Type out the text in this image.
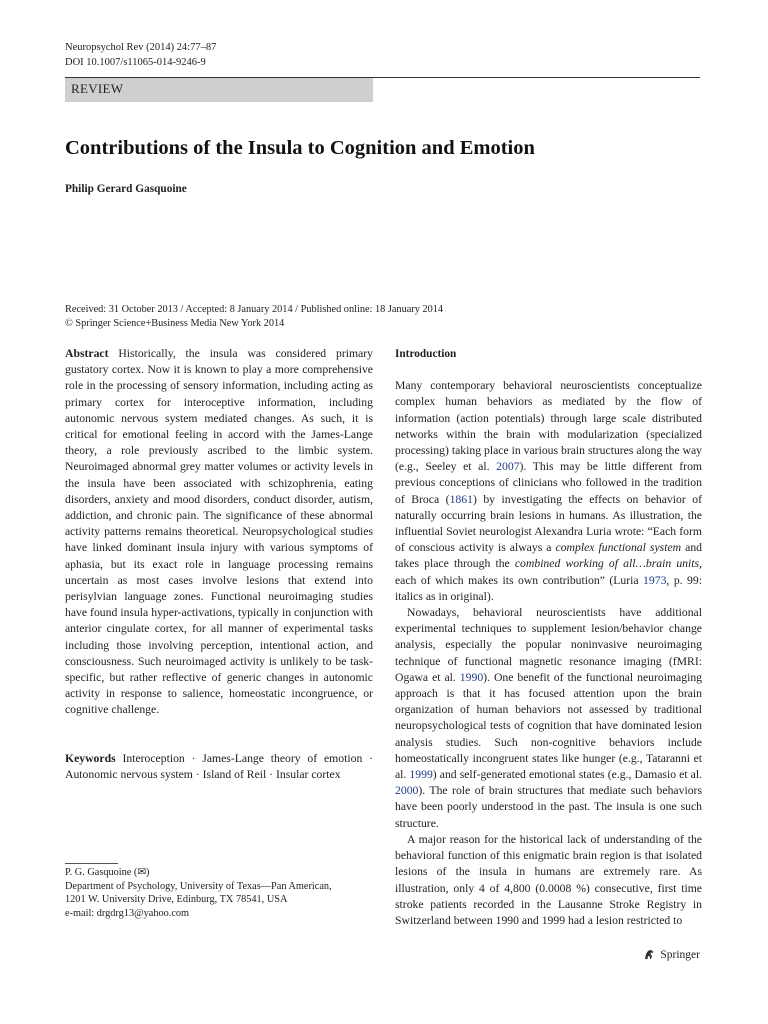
Neuropsychol Rev (2014) 24:77–87
DOI 10.1007/s11065-014-9246-9
REVIEW
Contributions of the Insula to Cognition and Emotion
Philip Gerard Gasquoine
Received: 31 October 2013 / Accepted: 8 January 2014 / Published online: 18 January 2014
© Springer Science+Business Media New York 2014

Abstract Historically, the insula was considered primary gustatory cortex. Now it is known to play a more comprehensive role in the processing of sensory information, including acting as primary cortex for interoceptive information, including autonomic nervous system mediated changes. As such, it is critical for emotional feeling in accord with the James-Lange theory, a role previously ascribed to the limbic system. Neuroimaged abnormal grey matter volumes or activity levels in the insula have been associated with schizophrenia, eating disorders, anxiety and mood disorders, conduct disorder, autism, addiction, and chronic pain. The significance of these abnormal activity patterns remains theoretical. Neuropsychological studies have linked dominant insula injury with various symptoms of aphasia, but its exact role in language processing remains uncertain as most cases involve lesions that extend into perisylvian language zones. Functional neuroimaging studies have found insula hyper-activations, typically in conjunction with anterior cingulate cortex, for all manner of experimental tasks including those involving perception, intentional action, and consciousness. Such neuroimaged activity is unlikely to be task-specific, but rather reflective of generic changes in autonomic activity in response to salience, homeostatic incongruence, or cognitive challenge.

Keywords Interoception · James-Lange theory of emotion · Autonomic nervous system · Island of Reil · Insular cortex

P. G. Gasquoine (✉)
Department of Psychology, University of Texas—Pan American,
1201 W. University Drive, Edinburg, TX 78541, USA
e-mail: drgdrg13@yahoo.com

Introduction

Many contemporary behavioral neuroscientists conceptualize complex human behaviors as mediated by the flow of information (action potentials) through large scale distributed networks within the brain with modularization (specialized processing) taking place in various brain structures along the way (e.g., Seeley et al. 2007). This may be little different from previous conceptions of clinicians who followed in the tradition of Broca (1861) by investigating the effects on behavior of naturally occurring brain lesions in humans. As illustration, the influential Soviet neurologist Alexandra Luria wrote: “Each form of conscious activity is always a complex functional system and takes place through the combined working of all…brain units, each of which makes its own contribution” (Luria 1973, p. 99: italics as in original).

Nowadays, behavioral neuroscientists have additional experimental techniques to supplement lesion/behavior change analysis, especially the popular noninvasive neuroimaging technique of functional magnetic resonance imaging (fMRI: Ogawa et al. 1990). One benefit of the functional neuroimaging approach is that it has focused attention upon the brain organization of human behaviors not assessed by traditional neuropsychological tests of cognition that have dominated lesion analysis studies. Such non-cognitive behaviors include homeostatically incongruent states like hunger (e.g., Tataranni et al. 1999) and self-generated emotional states (e.g., Damasio et al. 2000). The role of brain structures that mediate such behaviors have been poorly understood in the past. The insula is one such structure.

A major reason for the historical lack of understanding of the behavioral function of this enigmatic brain region is that isolated lesions of the insula in humans are extremely rare. As illustration, only 4 of 4,800 (0.0008 %) consecutive, first time stroke patients recorded in the Lausanne Stroke Registry in Switzerland between 1990 and 1999 had a lesion restricted to

Springer
